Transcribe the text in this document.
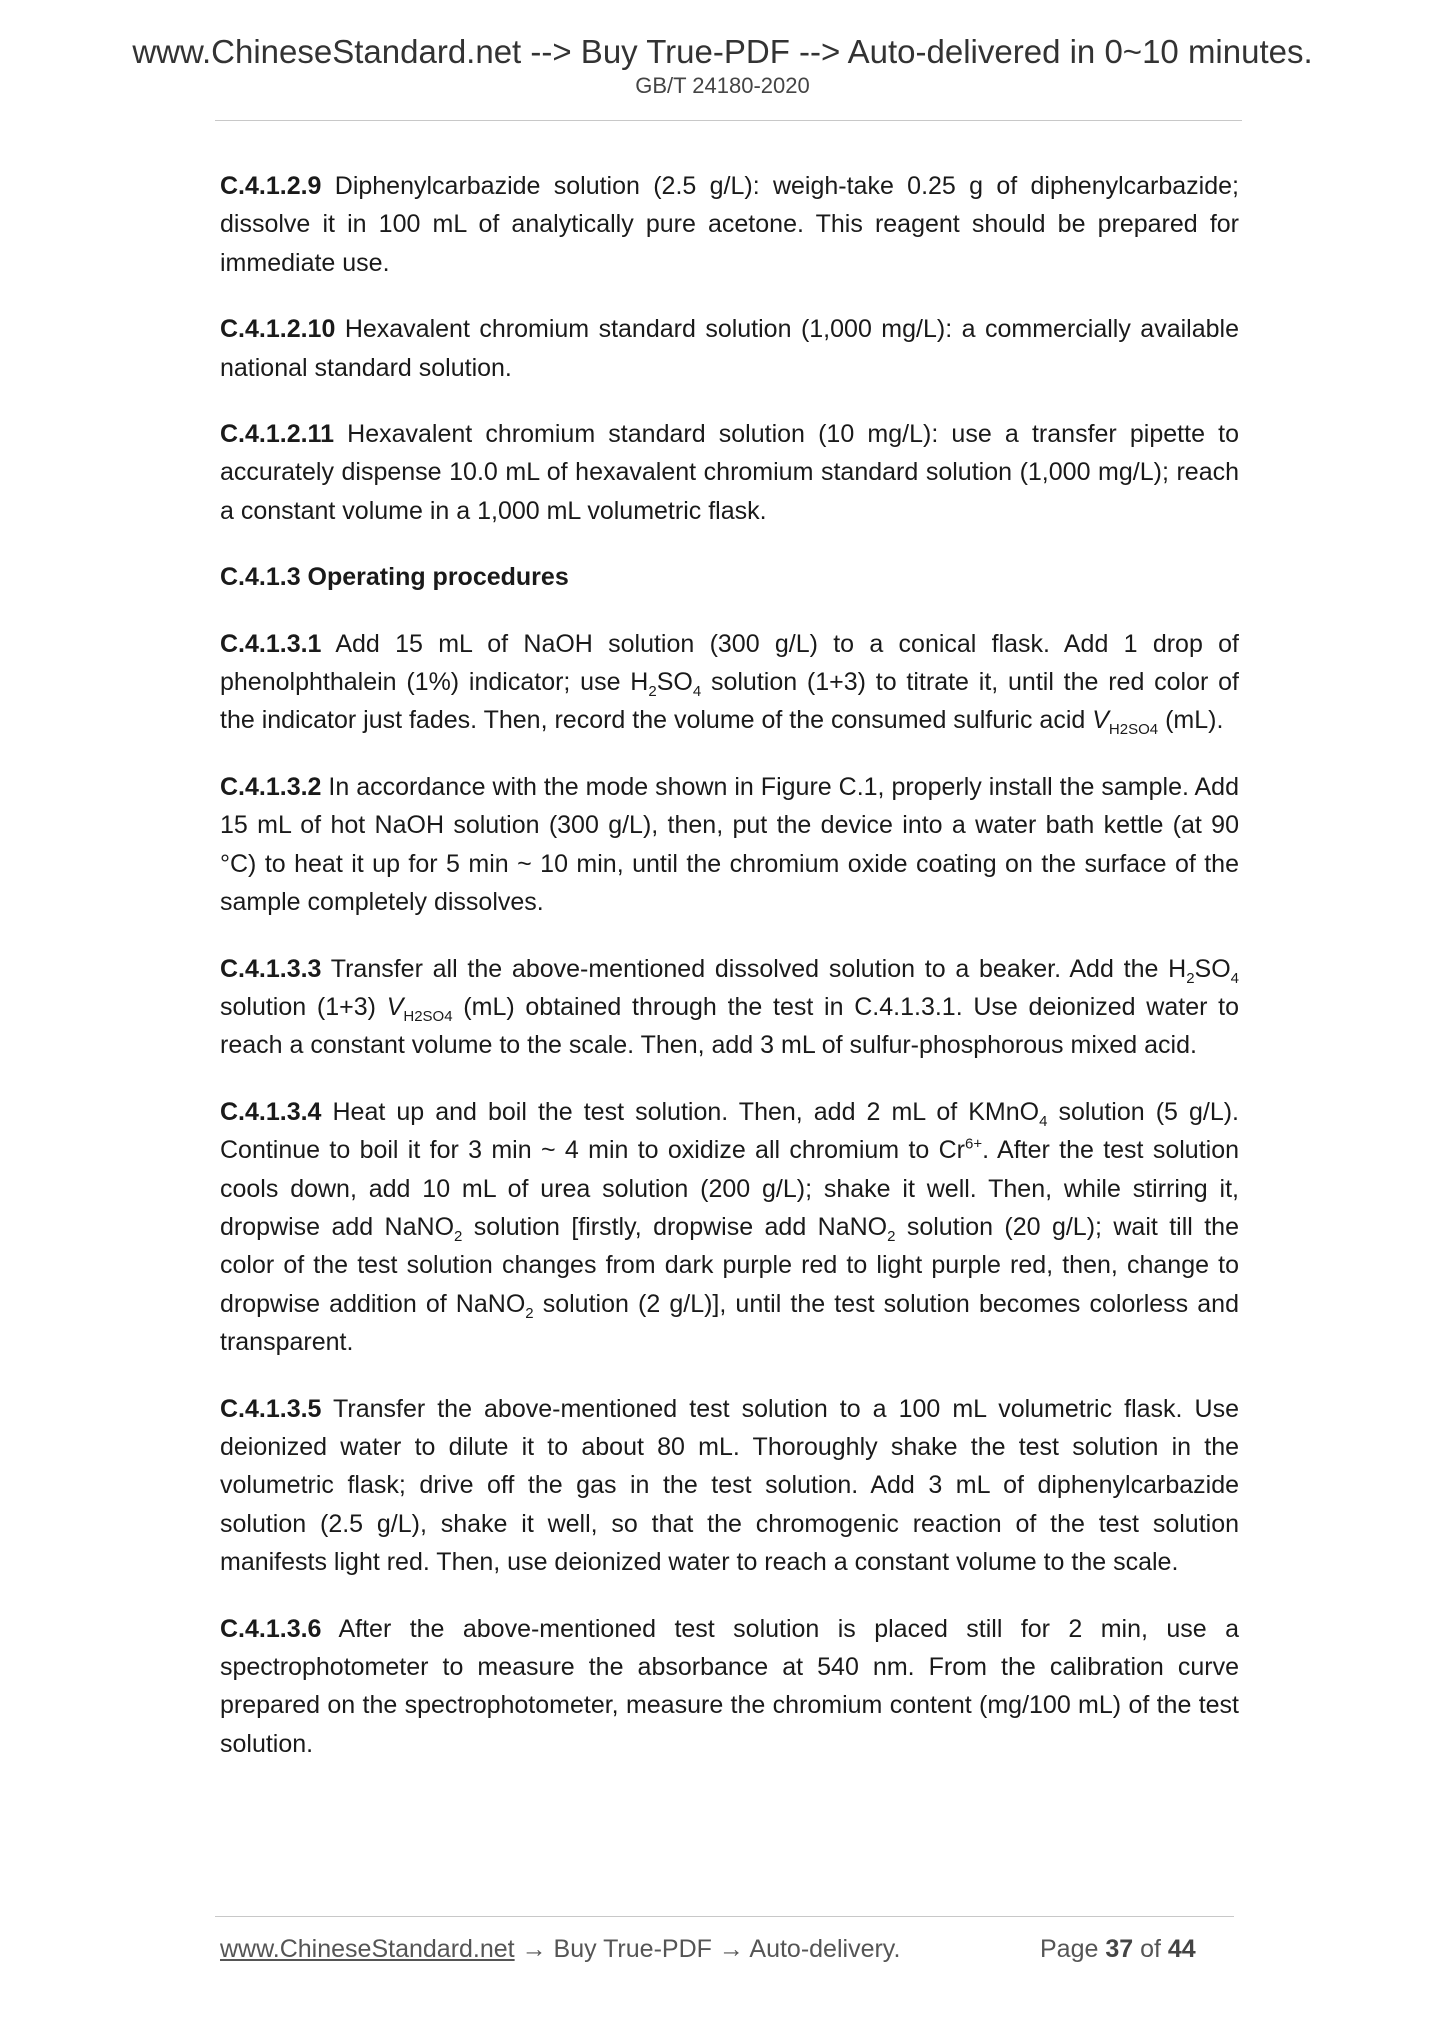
www.ChineseStandard.net --> Buy True-PDF --> Auto-delivered in 0~10 minutes.
GB/T 24180-2020

C.4.1.2.9 Diphenylcarbazide solution (2.5 g/L): weigh-take 0.25 g of diphenylcarbazide; dissolve it in 100 mL of analytically pure acetone. This reagent should be prepared for immediate use.

C.4.1.2.10 Hexavalent chromium standard solution (1,000 mg/L): a commercially available national standard solution.

C.4.1.2.11 Hexavalent chromium standard solution (10 mg/L): use a transfer pipette to accurately dispense 10.0 mL of hexavalent chromium standard solution (1,000 mg/L); reach a constant volume in a 1,000 mL volumetric flask.

C.4.1.3 Operating procedures

C.4.1.3.1 Add 15 mL of NaOH solution (300 g/L) to a conical flask. Add 1 drop of phenolphthalein (1%) indicator; use $H_2SO_4$ solution (1+3) to titrate it, until the red color of the indicator just fades. Then, record the volume of the consumed sulfuric acid $V_{H2SO4}$ (mL).

C.4.1.3.2 In accordance with the mode shown in Figure C.1, properly install the sample. Add 15 mL of hot NaOH solution (300 g/L), then, put the device into a water bath kettle (at 90 °C) to heat it up for 5 min ~ 10 min, until the chromium oxide coating on the surface of the sample completely dissolves.

C.4.1.3.3 Transfer all the above-mentioned dissolved solution to a beaker. Add the $H_2SO_4$ solution (1+3) $V_{H2SO4}$ (mL) obtained through the test in C.4.1.3.1. Use deionized water to reach a constant volume to the scale. Then, add 3 mL of sulfur-phosphorous mixed acid.

C.4.1.3.4 Heat up and boil the test solution. Then, add 2 mL of KMnO$_4$ solution (5 g/L). Continue to boil it for 3 min ~ 4 min to oxidize all chromium to $Cr^{6+}$. After the test solution cools down, add 10 mL of urea solution (200 g/L); shake it well. Then, while stirring it, dropwise add NaNO$_2$ solution [firstly, dropwise add NaNO$_2$ solution (20 g/L); wait till the color of the test solution changes from dark purple red to light purple red, then, change to dropwise addition of NaNO$_2$ solution (2 g/L)], until the test solution becomes colorless and transparent.

C.4.1.3.5 Transfer the above-mentioned test solution to a 100 mL volumetric flask. Use deionized water to dilute it to about 80 mL. Thoroughly shake the test solution in the volumetric flask; drive off the gas in the test solution. Add 3 mL of diphenylcarbazide solution (2.5 g/L), shake it well, so that the chromogenic reaction of the test solution manifests light red. Then, use deionized water to reach a constant volume to the scale.

C.4.1.3.6 After the above-mentioned test solution is placed still for 2 min, use a spectrophotometer to measure the absorbance at 540 nm. From the calibration curve prepared on the spectrophotometer, measure the chromium content (mg/100 mL) of the test solution.

www.ChineseStandard.net → Buy True-PDF → Auto-delivery.	Page 37 of 44
